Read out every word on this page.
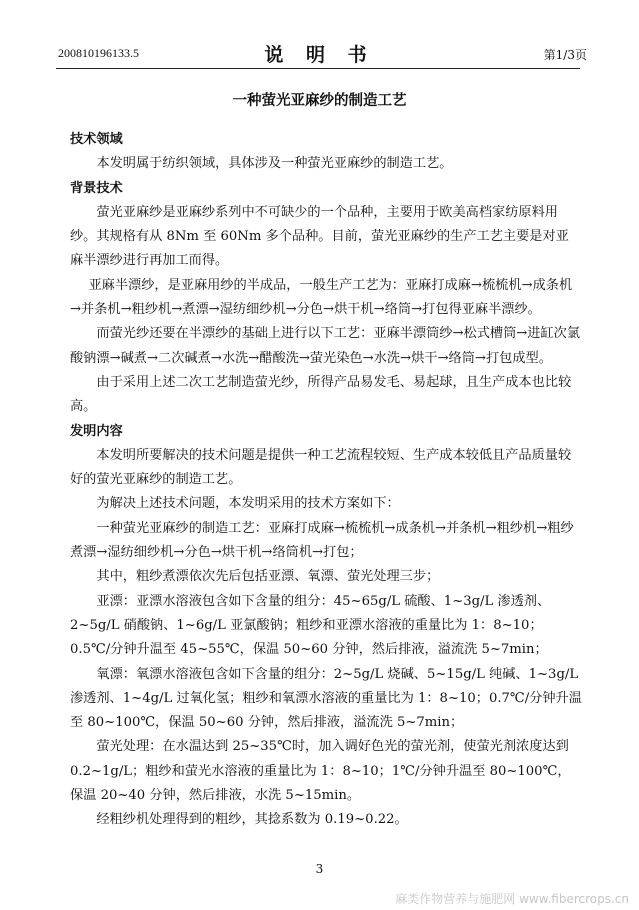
200810196133.5	说 明 书	第1/3页
一种萤光亚麻纱的制造工艺

技术领域

本发明属于纺织领域，具体涉及一种萤光亚麻纱的制造工艺。

背景技术

萤光亚麻纱是亚麻纱系列中不可缺少的一个品种，主要用于欧美高档家纺原料用纱。其规格有从 8Nm 至 60Nm 多个品种。目前，萤光亚麻纱的生产工艺主要是对亚麻半漂纱进行再加工而得。

亚麻半漂纱，是亚麻用纱的半成品，一般生产工艺为：亚麻打成麻→梳梳机→成条机→并条机→粗纱机→煮漂→湿纺细纱机→分色→烘干机→络筒→打包得亚麻半漂纱。

而萤光纱还要在半漂纱的基础上进行以下工艺：亚麻半漂筒纱→松式槽筒→进缸次氯酸钠漂→碱煮→二次碱煮→水洗→醋酸洗→萤光染色→水洗→烘干→络筒→打包成型。

由于采用上述二次工艺制造萤光纱，所得产品易发毛、易起球，且生产成本也比较高。

发明内容

本发明所要解决的技术问题是提供一种工艺流程较短、生产成本较低且产品质量较好的萤光亚麻纱的制造工艺。

为解决上述技术问题，本发明采用的技术方案如下：

一种萤光亚麻纱的制造工艺：亚麻打成麻→梳梳机→成条机→并条机→粗纱机→粗纱煮漂→湿纺细纱机→分色→烘干机→络筒机→打包；

其中，粗纱煮漂依次先后包括亚漂、氧漂、萤光处理三步；

亚漂：亚漂水溶液包含如下含量的组分：45~65g/L 硫酸、1~3g/L 渗透剂、2~5g/L 硝酸钠、1~6g/L 亚氯酸钠；粗纱和亚漂水溶液的重量比为 1：8~10；0.5℃/分钟升温至 45~55℃，保温 50~60 分钟，然后排液，溢流洗 5~7min；

氧漂：氧漂水溶液包含如下含量的组分：2~5g/L 烧碱、5~15g/L 纯碱、1~3g/L 渗透剂、1~4g/L 过氧化氢；粗纱和氧漂水溶液的重量比为 1：8~10；0.7℃/分钟升温至 80~100℃，保温 50~60 分钟，然后排液，溢流洗 5~7min；

萤光处理：在水温达到 25~35℃时，加入调好色光的萤光剂，使萤光剂浓度达到 0.2~1g/L；粗纱和萤光水溶液的重量比为 1：8~10；1℃/分钟升温至 80~100℃，保温 20~40 分钟，然后排液，水洗 5~15min。

经粗纱机处理得到的粗纱，其捻系数为 0.19~0.22。

3
麻类作物营养与施肥网 www.fibercrops.cn
